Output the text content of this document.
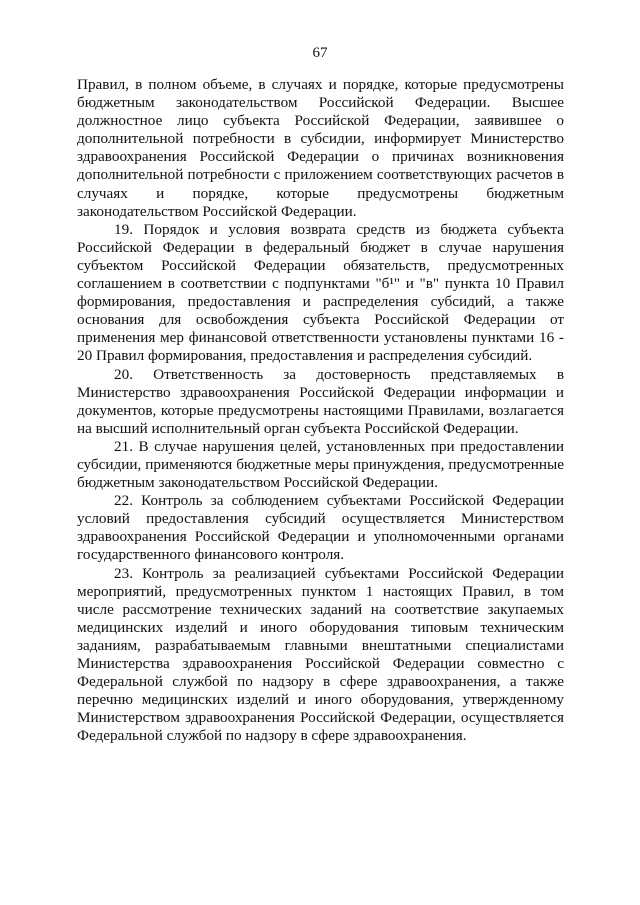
67

Правил, в полном объеме, в случаях и порядке, которые предусмотрены бюджетным законодательством Российской Федерации. Высшее должностное лицо субъекта Российской Федерации, заявившее о дополнительной потребности в субсидии, информирует Министерство здравоохранения Российской Федерации о причинах возникновения дополнительной потребности с приложением соответствующих расчетов в случаях и порядке, которые предусмотрены бюджетным законодательством Российской Федерации.

19. Порядок и условия возврата средств из бюджета субъекта Российской Федерации в федеральный бюджет в случае нарушения субъектом Российской Федерации обязательств, предусмотренных соглашением в соответствии с подпунктами "б¹" и "в" пункта 10 Правил формирования, предоставления и распределения субсидий, а также основания для освобождения субъекта Российской Федерации от применения мер финансовой ответственности установлены пунктами 16 - 20 Правил формирования, предоставления и распределения субсидий.

20. Ответственность за достоверность представляемых в Министерство здравоохранения Российской Федерации информации и документов, которые предусмотрены настоящими Правилами, возлагается на высший исполнительный орган субъекта Российской Федерации.

21. В случае нарушения целей, установленных при предоставлении субсидии, применяются бюджетные меры принуждения, предусмотренные бюджетным законодательством Российской Федерации.

22. Контроль за соблюдением субъектами Российской Федерации условий предоставления субсидий осуществляется Министерством здравоохранения Российской Федерации и уполномоченными органами государственного финансового контроля.

23. Контроль за реализацией субъектами Российской Федерации мероприятий, предусмотренных пунктом 1 настоящих Правил, в том числе рассмотрение технических заданий на соответствие закупаемых медицинских изделий и иного оборудования типовым техническим заданиям, разрабатываемым главными внештатными специалистами Министерства здравоохранения Российской Федерации совместно с Федеральной службой по надзору в сфере здравоохранения, а также перечню медицинских изделий и иного оборудования, утвержденному Министерством здравоохранения Российской Федерации, осуществляется Федеральной службой по надзору в сфере здравоохранения.
